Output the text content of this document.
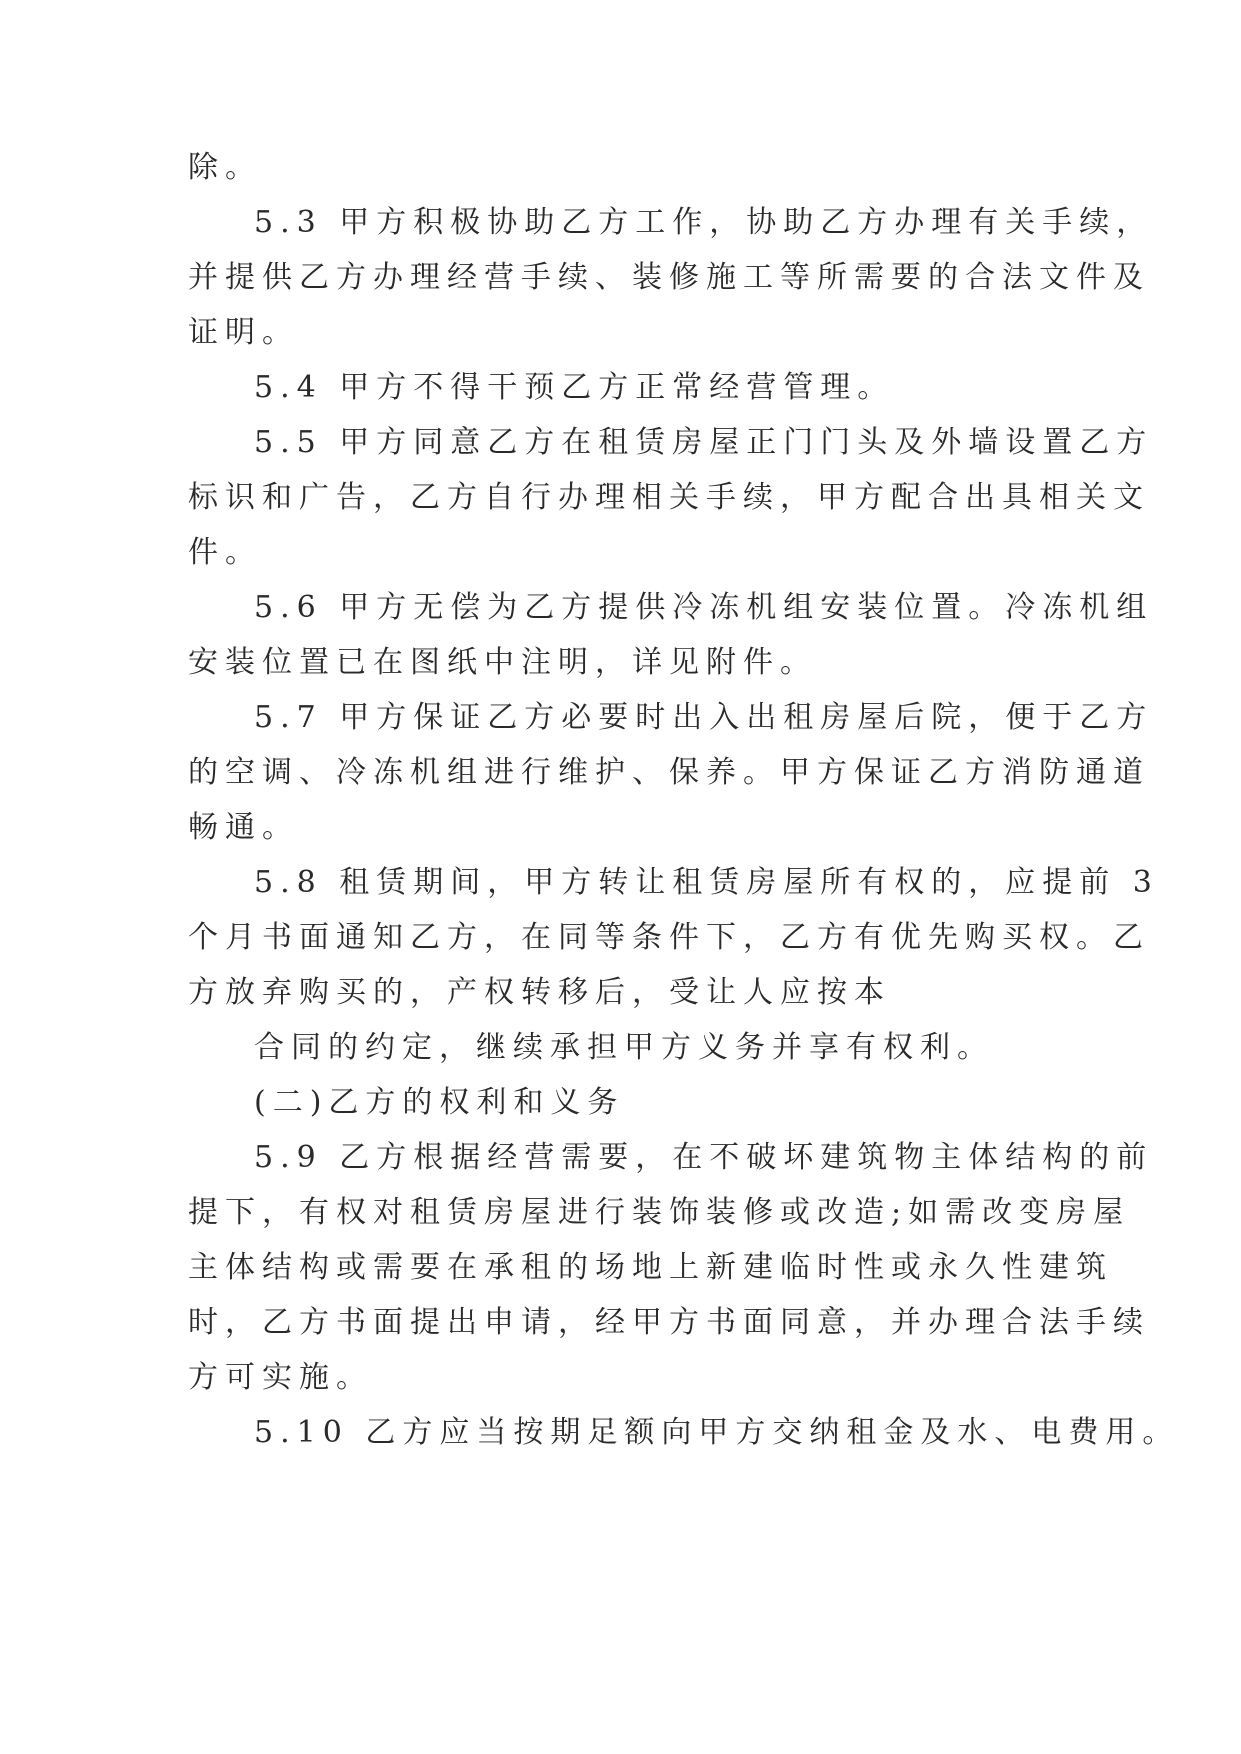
除。
5.3 甲方积极协助乙方工作，协助乙方办理有关手续，
并提供乙方办理经营手续、装修施工等所需要的合法文件及
证明。
5.4 甲方不得干预乙方正常经营管理。
5.5 甲方同意乙方在租赁房屋正门门头及外墙设置乙方
标识和广告，乙方自行办理相关手续，甲方配合出具相关文
件。
5.6 甲方无偿为乙方提供冷冻机组安装位置。冷冻机组
安装位置已在图纸中注明，详见附件。
5.7 甲方保证乙方必要时出入出租房屋后院，便于乙方
的空调、冷冻机组进行维护、保养。甲方保证乙方消防通道
畅通。
5.8 租赁期间，甲方转让租赁房屋所有权的，应提前 3
个月书面通知乙方，在同等条件下，乙方有优先购买权。乙
方放弃购买的，产权转移后，受让人应按本
合同的约定，继续承担甲方义务并享有权利。
(二)乙方的权利和义务
5.9 乙方根据经营需要，在不破坏建筑物主体结构的前
提下，有权对租赁房屋进行装饰装修或改造;如需改变房屋
主体结构或需要在承租的场地上新建临时性或永久性建筑
时，乙方书面提出申请，经甲方书面同意，并办理合法手续
方可实施。
5.10 乙方应当按期足额向甲方交纳租金及水、电费用。
